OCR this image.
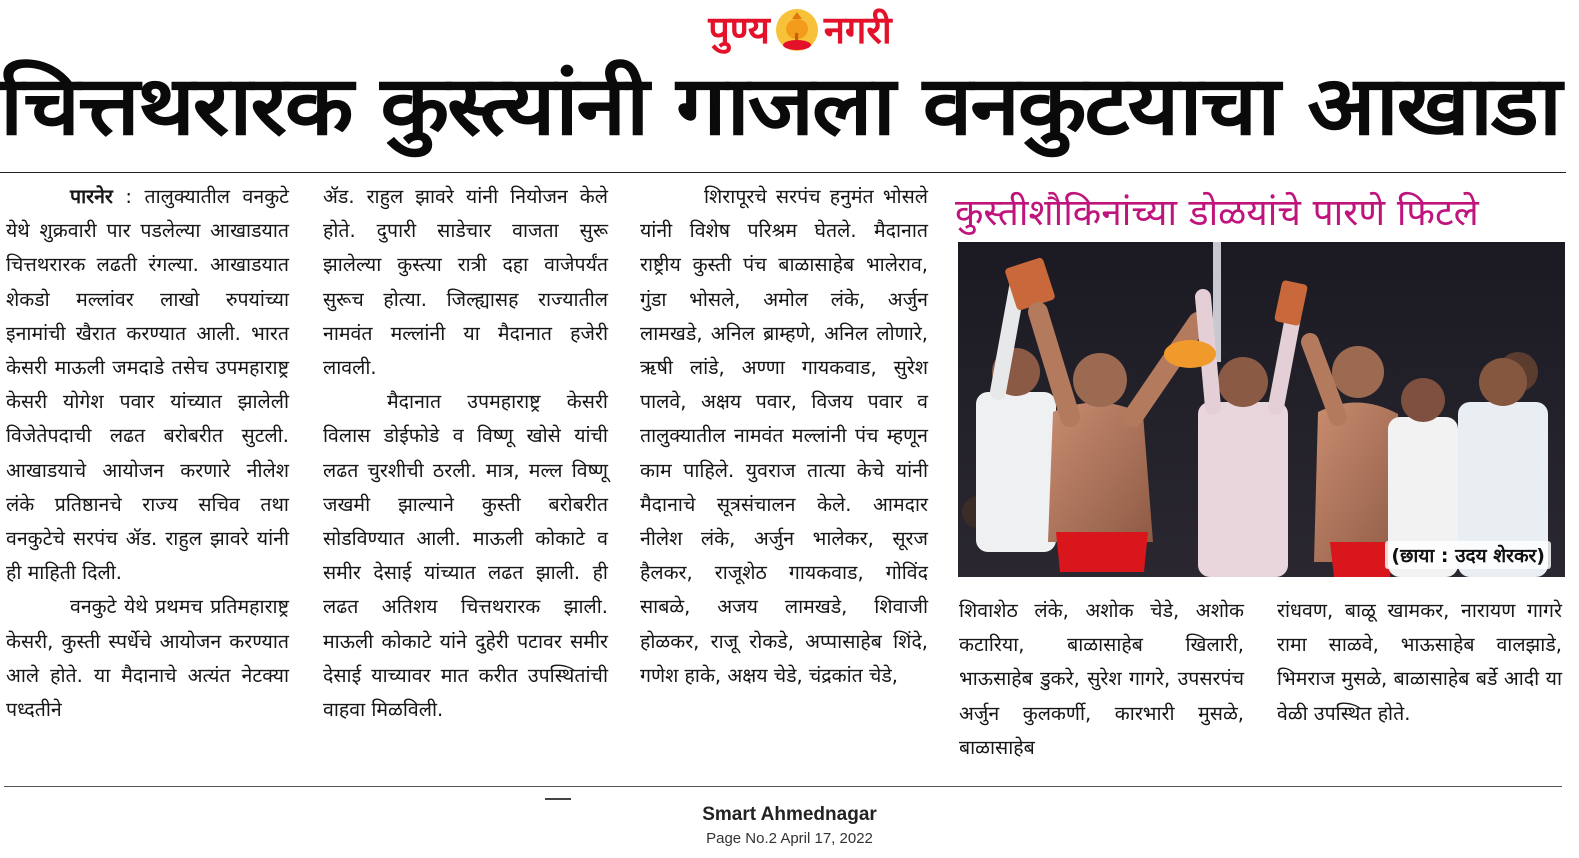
पुण्य नगरी
चित्तथरारक कुस्त्यांनी गाजला वनकुटयाचा आखाडा

पारनेर : तालुक्यातील वनकुटे येथे शुक्रवारी पार पडलेल्या आखाडयात चित्तथरारक लढती रंगल्या. आखाडयात शेकडो मल्लांवर लाखो रुपयांच्या इनामांची खैरात करण्यात आली. भारत केसरी माऊली जमदाडे तसेच उपमहाराष्ट्र केसरी योगेश पवार यांच्यात झालेली विजेतेपदाची लढत बरोबरीत सुटली. आखाडयाचे आयोजन करणारे नीलेश लंके प्रतिष्ठानचे राज्य सचिव तथा वनकुटेचे सरपंच ॲड. राहुल झावरे यांनी ही माहिती दिली.

वनकुटे येथे प्रथमच प्रतिमहाराष्ट्र केसरी, कुस्ती स्पर्धेचे आयोजन करण्यात आले होते. या मैदानाचे अत्यंत नेटक्या पध्दतीने

ॲड. राहुल झावरे यांनी नियोजन केले होते. दुपारी साडेचार वाजता सुरू झालेल्या कुस्त्या रात्री दहा वाजेपर्यंत सुरूच होत्या. जिल्ह्यासह राज्यातील नामवंत मल्लांनी या मैदानात हजेरी लावली.

मैदानात उपमहाराष्ट्र केसरी विलास डोईफोडे व विष्णू खोसे यांची लढत चुरशीची ठरली. मात्र, मल्ल विष्णू जखमी झाल्याने कुस्ती बरोबरीत सोडविण्यात आली. माऊली कोकाटे व समीर देसाई यांच्यात लढत झाली. ही लढत अतिशय चित्तथरारक झाली. माऊली कोकाटे यांने दुहेरी पटावर समीर देसाई याच्यावर मात करीत उपस्थितांची वाहवा मिळविली.

शिरापूरचे सरपंच हनुमंत भोसले यांनी विशेष परिश्रम घेतले. मैदानात राष्ट्रीय कुस्ती पंच बाळासाहेब भालेराव, गुंडा भोसले, अमोल लंके, अर्जुन लामखडे, अनिल ब्राम्हणे, अनिल लोणारे, ऋषी लांडे, अण्णा गायकवाड, सुरेश पालवे, अक्षय पवार, विजय पवार व तालुक्यातील नामवंत मल्लांनी पंच म्हणून काम पाहिले. युवराज तात्या केचे यांनी मैदानाचे सूत्रसंचालन केले. आमदार नीलेश लंके, अर्जुन भालेकर, सूरज हैलकर, राजूशेठ गायकवाड, गोविंद साबळे, अजय लामखडे, शिवाजी होळकर, राजू रोकडे, अप्पासाहेब शिंदे, गणेश हाके, अक्षय चेडे, चंद्रकांत चेडे,

कुस्तीशौकिनांच्या डोळयांचे पारणे फिटले
(छाया : उदय शेरकर)

शिवाशेठ लंके, अशोक चेडे, अशोक कटारिया, बाळासाहेब खिलारी, भाऊसाहेब डुकरे, सुरेश गागरे, उपसरपंच अर्जुन कुलकर्णी, कारभारी मुसळे, बाळासाहेब

रांधवण, बाळू खामकर, नारायण गागरे रामा साळवे, भाऊसाहेब वालझाडे, भिमराज मुसळे, बाळासाहेब बर्डे आदी या वेळी उपस्थित होते.

Smart Ahmednagar
Page No.2 April 17, 2022
